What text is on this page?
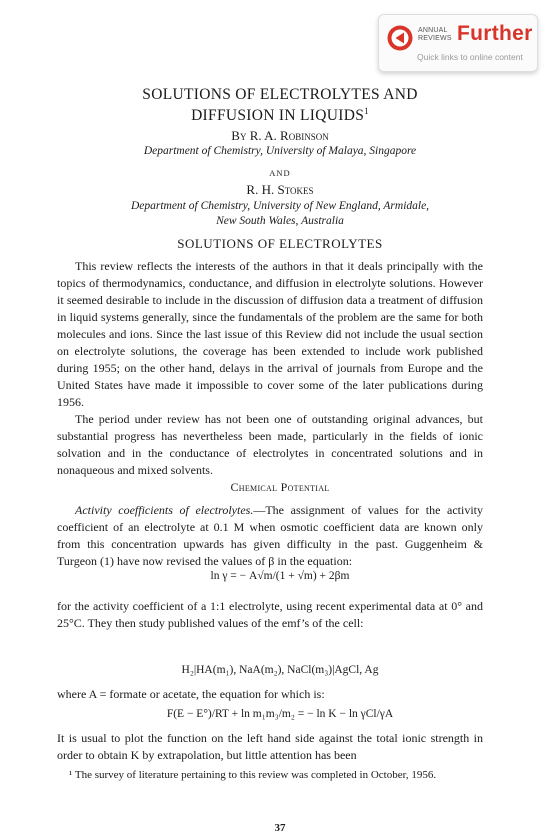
ANNUAL
REVIEWS Further
Quick links to online content
SOLUTIONS OF ELECTROLYTES AND
DIFFUSION IN LIQUIDS$^1$
By R. A. Robinson
Department of Chemistry, University of Malaya, Singapore
AND
R. H. Stokes
Department of Chemistry, University of New England, Armidale,
New South Wales, Australia
SOLUTIONS OF ELECTROLYTES

This review reflects the interests of the authors in that it deals principally with the topics of thermodynamics, conductance, and diffusion in electrolyte solutions. However it seemed desirable to include in the discussion of diffusion data a treatment of diffusion in liquid systems generally, since the fundamentals of the problem are the same for both molecules and ions. Since the last issue of this Review did not include the usual section on electrolyte solutions, the coverage has been extended to include work published during 1955; on the other hand, delays in the arrival of journals from Europe and the United States have made it impossible to cover some of the later publications during 1956.

The period under review has not been one of outstanding original advances, but substantial progress has nevertheless been made, particularly in the fields of ionic solvation and in the conductance of electrolytes in concentrated solutions and in nonaqueous and mixed solvents.

Chemical Potential

Activity coefficients of electrolytes.—The assignment of values for the activity coefficient of an electrolyte at 0.1 M when osmotic coefficient data are known only from this concentration upwards has given difficulty in the past. Guggenheim & Turgeon (1) have now revised the values of β in the equation:

ln γ = − A√m/(1 + √m) + 2βm

for the activity coefficient of a 1:1 electrolyte, using recent experimental data at 0° and 25°C. They then study published values of the emf’s of the cell:

H₂|HA(m₁), NaA(m₂), NaCl(m₃)|AgCl, Ag

where A = formate or acetate, the equation for which is:

F(E − E°)/RT + ln m₁m₃/m₂ = − ln K − ln γCl/γA

It is usual to plot the function on the left hand side against the total ionic strength in order to obtain K by extrapolation, but little attention has been

¹ The survey of literature pertaining to this review was completed in October, 1956.

37
